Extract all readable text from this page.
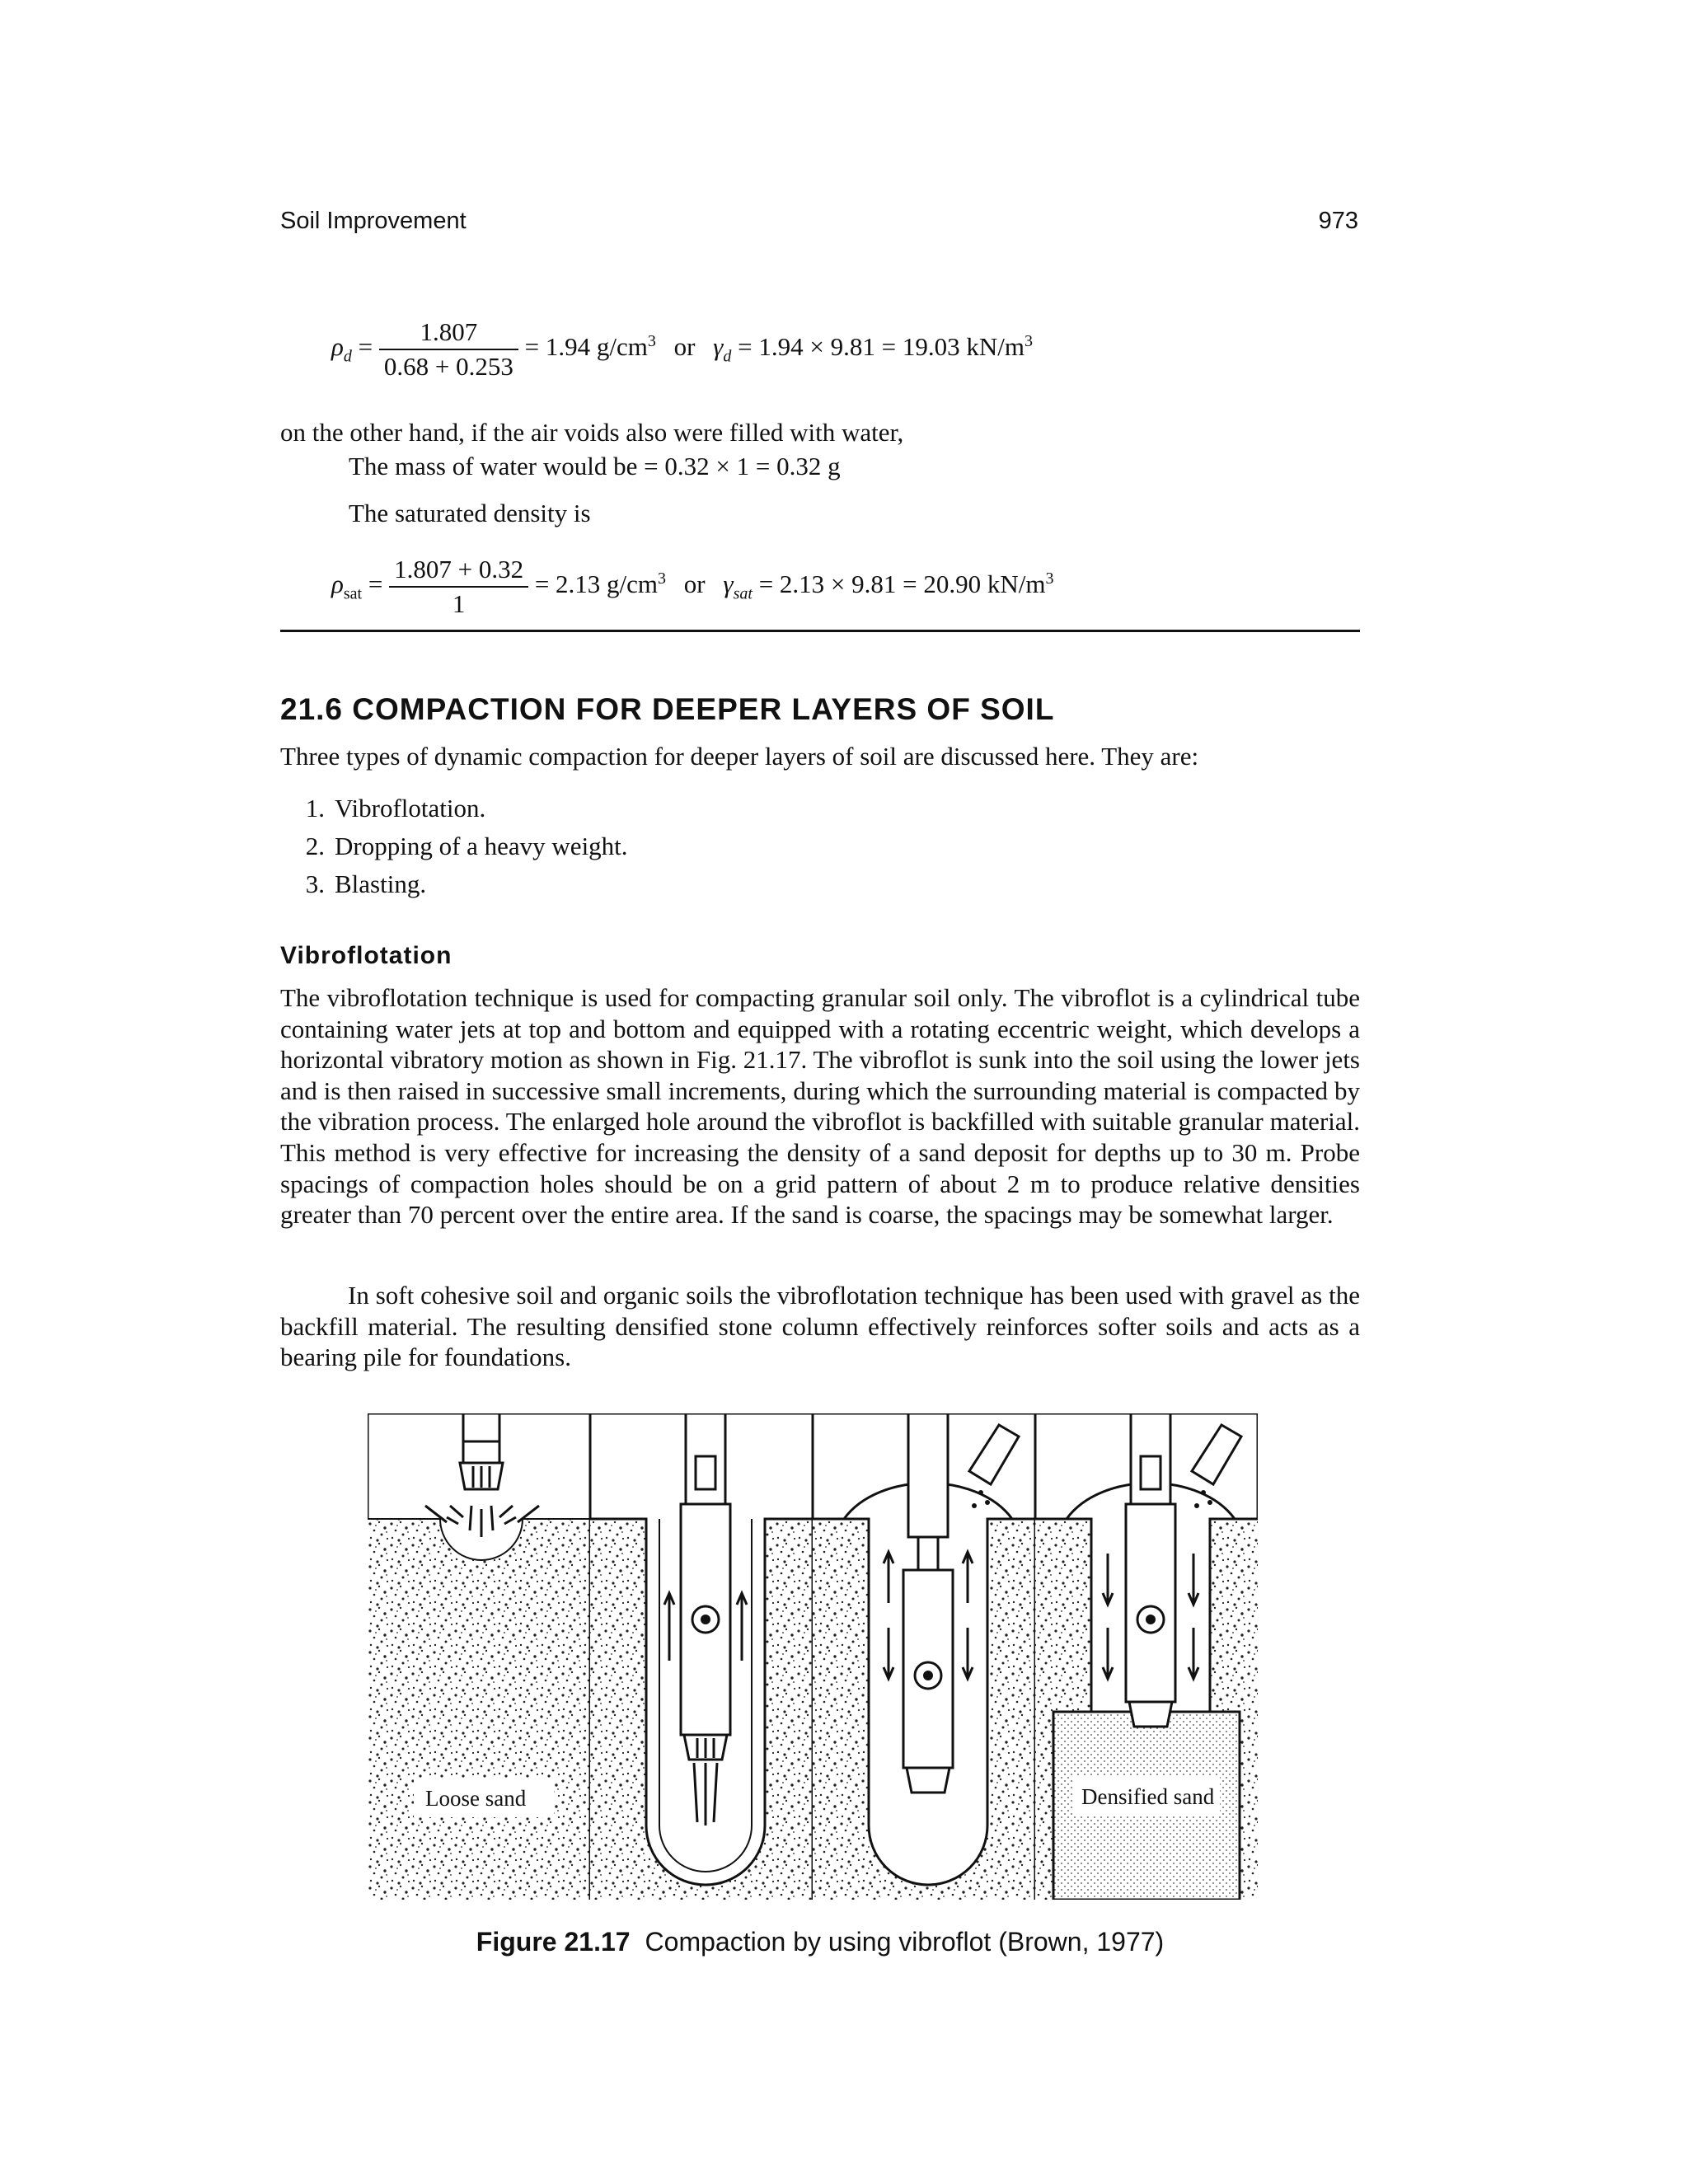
Soil Improvement	973
$\rho_d = \frac{1.807}{0.68 + 0.253} = 1.94$ $g/cm^3$ or $\gamma_d = 1.94 \times 9.81 = 19.03$ $kN/m^3$
on the other hand, if the air voids also were filled with water,
The mass of water would be = 0.32 × 1 = 0.32 g
The saturated density is
$\rho_{sat} = \frac{1.807 + 0.32}{1} = 2.13$ $g/cm^3$ or $\gamma_{sat} = 2.13 \times 9.81 = 20.90$ $kN/m^3$
21.6 COMPACTION FOR DEEPER LAYERS OF SOIL
Three types of dynamic compaction for deeper layers of soil are discussed here. They are:
1. Vibroflotation.
2. Dropping of a heavy weight.
3. Blasting.
Vibroflotation
The vibroflotation technique is used for compacting granular soil only. The vibroflot is a cylindrical tube containing water jets at top and bottom and equipped with a rotating eccentric weight, which develops a horizontal vibratory motion as shown in Fig. 21.17. The vibroflot is sunk into the soil using the lower jets and is then raised in successive small increments, during which the surrounding material is compacted by the vibration process. The enlarged hole around the vibroflot is backfilled with suitable granular material. This method is very effective for increasing the density of a sand deposit for depths up to 30 m. Probe spacings of compaction holes should be on a grid pattern of about 2 m to produce relative densities greater than 70 percent over the entire area. If the sand is coarse, the spacings may be somewhat larger.
In soft cohesive soil and organic soils the vibroflotation technique has been used with gravel as the backfill material. The resulting densified stone column effectively reinforces softer soils and acts as a bearing pile for foundations.
Loose sand	Densified sand
Figure 21.17 Compaction by using vibroflot (Brown, 1977)
